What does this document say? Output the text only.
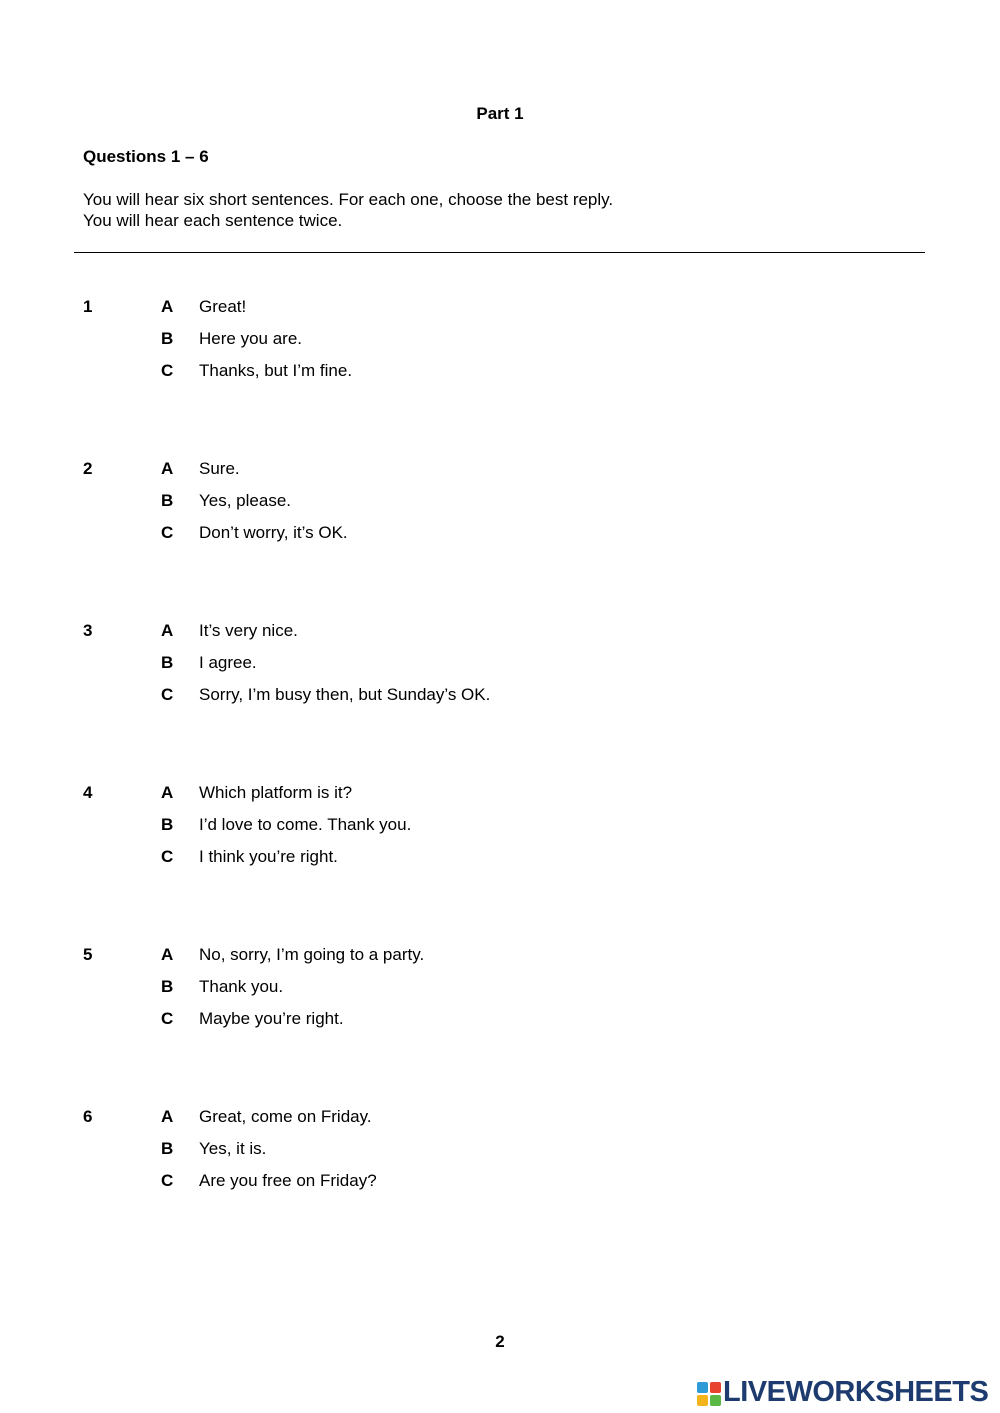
Part 1
Questions 1 – 6
You will hear six short sentences. For each one, choose the best reply.
You will hear each sentence twice.
1	A Great!
B Here you are.
C Thanks, but I’m fine.
2	A Sure.
B Yes, please.
C Don’t worry, it’s OK.
3	A It’s very nice.
B I agree.
C Sorry, I’m busy then, but Sunday’s OK.
4	A Which platform is it?
B I’d love to come. Thank you.
C I think you’re right.
5	A No, sorry, I’m going to a party.
B Thank you.
C Maybe you’re right.
6	A Great, come on Friday.
B Yes, it is.
C Are you free on Friday?
2
LIVEWORKSHEETS
